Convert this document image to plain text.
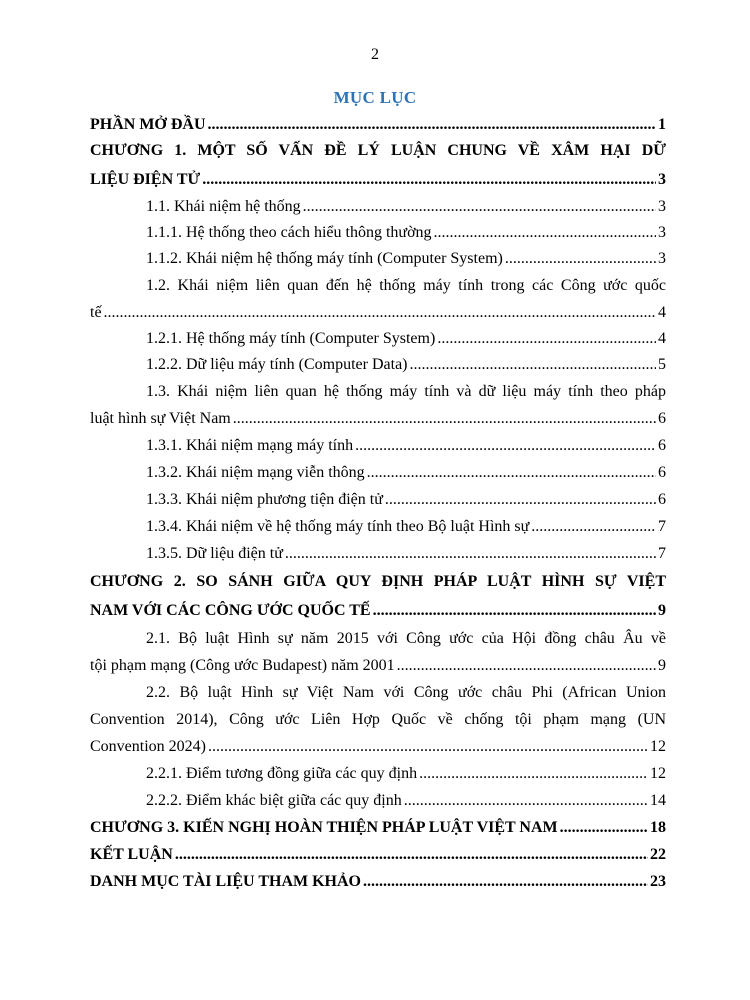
2
MỤC LỤC
PHẦN MỞ ĐẦU .....	1
CHƯƠNG 1. MỘT SỐ VẤN ĐỀ LÝ LUẬN CHUNG VỀ XÂM HẠI DỮ
LIỆU ĐIỆN TỬ .....	3
1.1. Khái niệm hệ thống .....	3
1.1.1. Hệ thống theo cách hiểu thông thường .....	3
1.1.2. Khái niệm hệ thống máy tính (Computer System) .....	3
1.2. Khái niệm liên quan đến hệ thống máy tính trong các Công ước quốc
tế .....	4
1.2.1. Hệ thống máy tính (Computer System) .....	4
1.2.2. Dữ liệu máy tính (Computer Data) .....	5
1.3. Khái niệm liên quan hệ thống máy tính và dữ liệu máy tính theo pháp
luật hình sự Việt Nam .....	6
1.3.1. Khái niệm mạng máy tính .....	6
1.3.2. Khái niệm mạng viễn thông .....	6
1.3.3. Khái niệm phương tiện điện tử .....	6
1.3.4. Khái niệm về hệ thống máy tính theo Bộ luật Hình sự .....	7
1.3.5. Dữ liệu điện tử .....	7
CHƯƠNG 2. SO SÁNH GIỮA QUY ĐỊNH PHÁP LUẬT HÌNH SỰ VIỆT
NAM VỚI CÁC CÔNG ƯỚC QUỐC TẾ .....	9
2.1. Bộ luật Hình sự năm 2015 với Công ước của Hội đồng châu Âu về
tội phạm mạng (Công ước Budapest) năm 2001 .....	9
2.2. Bộ luật Hình sự Việt Nam với Công ước châu Phi (African Union
Convention 2014), Công ước Liên Hợp Quốc về chống tội phạm mạng (UN
Convention 2024) .....	12
2.2.1. Điểm tương đồng giữa các quy định .....	12
2.2.2. Điểm khác biệt giữa các quy định .....	14
CHƯƠNG 3. KIẾN NGHỊ HOÀN THIỆN PHÁP LUẬT VIỆT NAM .....	18
KẾT LUẬN .....	22
DANH MỤC TÀI LIỆU THAM KHẢO .....	23
